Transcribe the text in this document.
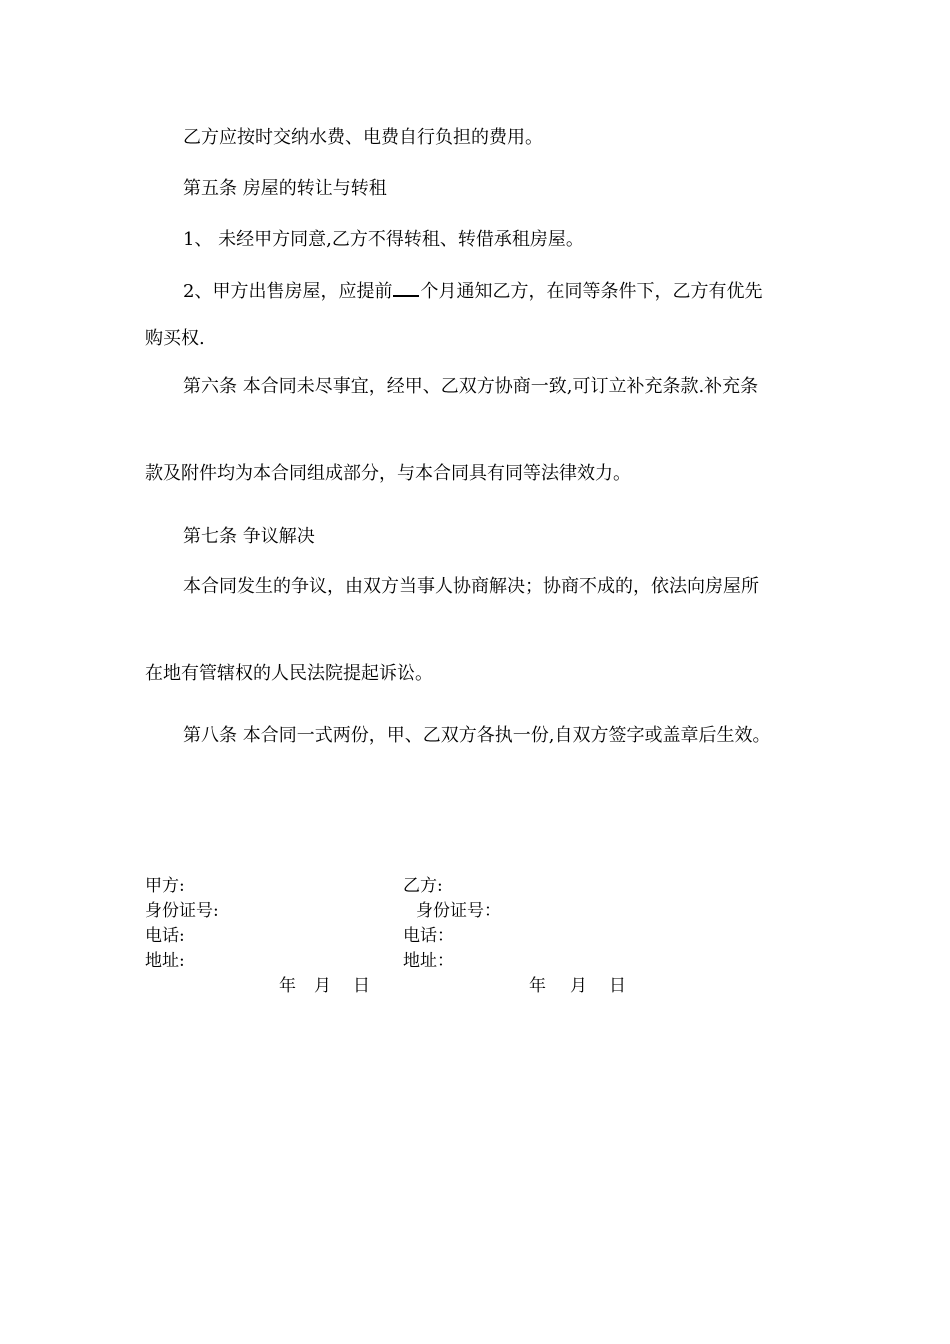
乙方应按时交纳水费、电费自行负担的费用。
第五条 房屋的转让与转租
1、 未经甲方同意,乙方不得转租、转借承租房屋。
2、甲方出售房屋，应提前 个月通知乙方，在同等条件下，乙方有优先
购买权.
第六条 本合同未尽事宜，经甲、乙双方协商一致,可订立补充条款.补充条
款及附件均为本合同组成部分，与本合同具有同等法律效力。
第七条 争议解决
本合同发生的争议，由双方当事人协商解决；协商不成的，依法向房屋所
在地有管辖权的人民法院提起诉讼。
第八条 本合同一式两份，甲、乙双方各执一份,自双方签字或盖章后生效。
甲方:
身份证号:
电话:
地址:
乙方:
身份证号：
电话：
地址：
年 月 日	年 月 日
